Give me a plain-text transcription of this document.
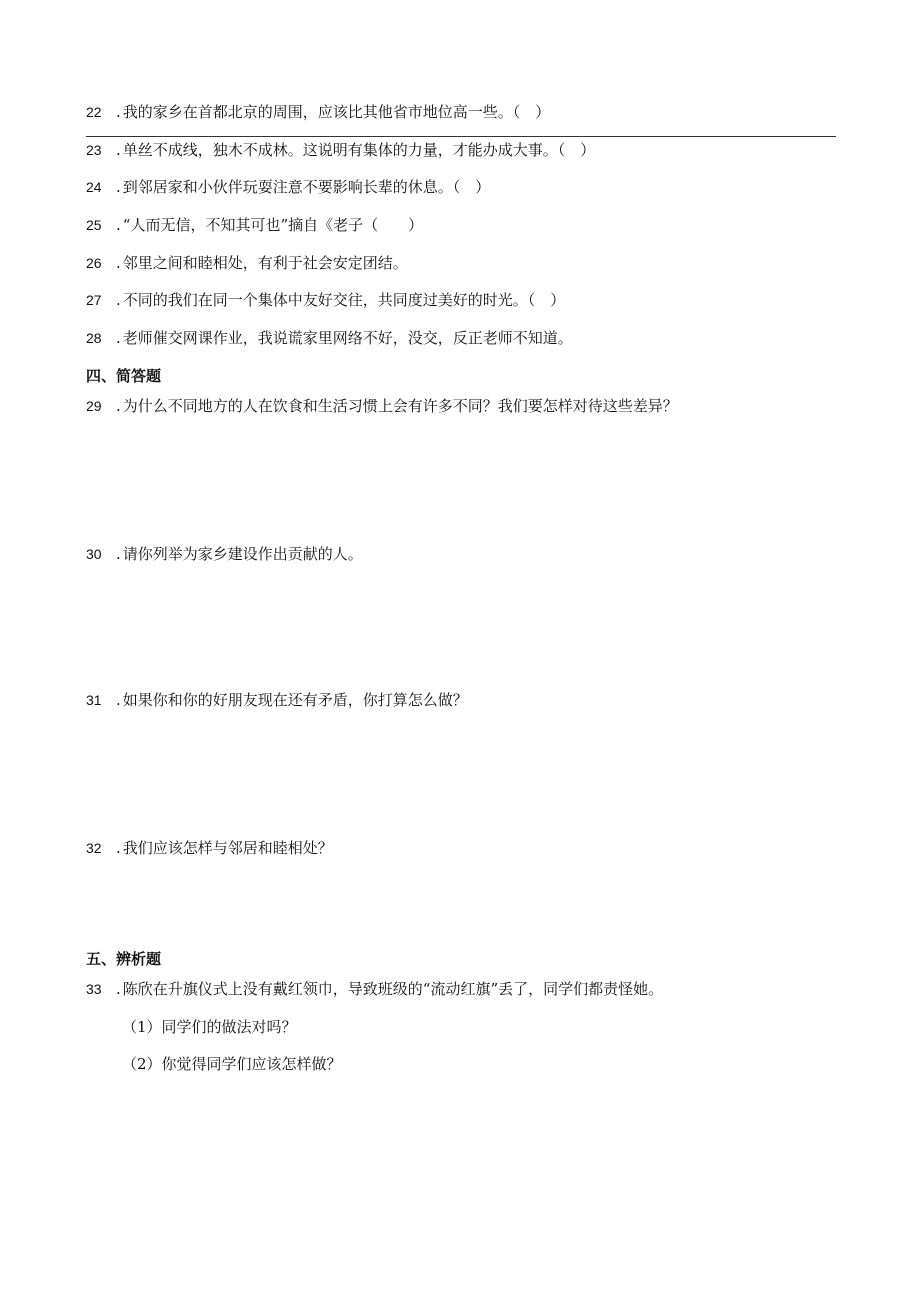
22 . 我的家乡在首都北京的周围，应该比其他省市地位高一些。（　）
23 . 单丝不成线，独木不成林。这说明有集体的力量，才能办成大事。（　）
24 . 到邻居家和小伙伴玩耍注意不要影响长辈的休息。（　）
25 . “人而无信，不知其可也”摘自《老子（　　）
26 . 邻里之间和睦相处，有利于社会安定团结。
27 . 不同的我们在同一个集体中友好交往，共同度过美好的时光。（　）
28 . 老师催交网课作业，我说谎家里网络不好，没交，反正老师不知道。
四、简答题
29 . 为什么不同地方的人在饮食和生活习惯上会有许多不同？我们要怎样对待这些差异？
30 . 请你列举为家乡建设作出贡献的人。
31 . 如果你和你的好朋友现在还有矛盾，你打算怎么做？
32 . 我们应该怎样与邻居和睦相处？
五、辨析题
33 . 陈欣在升旗仪式上没有戴红领巾，导致班级的“流动红旗”丢了，同学们都责怪她。
（1）同学们的做法对吗？
（2）你觉得同学们应该怎样做？
